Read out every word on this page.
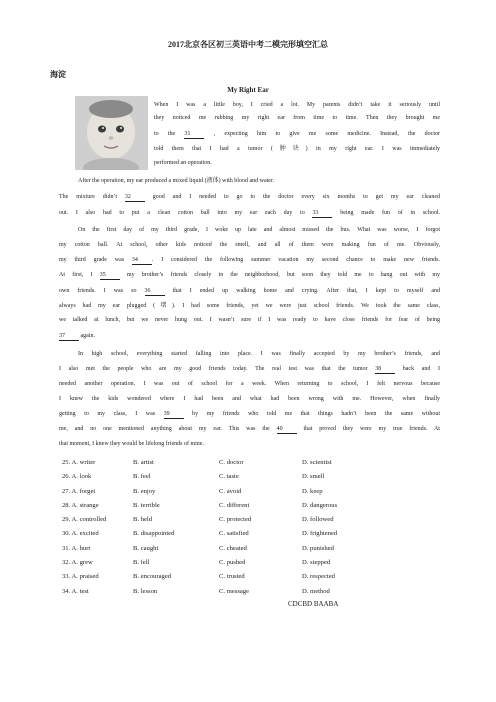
2017北京各区初三英语中考二模完形填空汇总
海淀
My Right Ear
When I was a little boy, I cried a lot. My parents didn’t take it seriously until
they noticed me rubbing my right ear from time to time. Then they brought me
to the 31 , expecting him to give me some medicine. Instead, the doctor
told them that I had a tumor (肿块) in my right ear. I was immediately
performed an operation.
After the operation, my ear produced a mixed liquid (液体) with blood and water.
The mixture didn’t 32 good and I needed to go to the doctor every six months to get my ear cleaned
out. I also had to put a clean cotton ball into my ear each day to 33 being made fun of in school.
On the first day of my third grade, I woke up late and almost missed the bus. What was worse, I forgot
my cotton ball. At school, other kids noticed the smell, and all of them were making fun of me. Obviously,
my third grade was 34 . I considered the following summer vacation my second chance to make new friends.
At first, I 35 my brother’s friends closely in the neighborhood, but soon they told me to hang out with my
own friends. I was so 36 that I ended up walking home and crying. After that, I kept to myself and
always had my ear plugged (堵). I had some friends, yet we were just school friends. We took the same class,
we talked at lunch, but we never hung out. I wasn’t sure if I was ready to have close friends for fear of being
37 again.
In high school, everything started falling into place. I was finally accepted by my brother’s friends, and
I also met the people who are my good friends today. The real test was that the tumor 38 back and I
needed another operation. I was out of school for a week. When returning to school, I felt nervous because
I knew the kids wondered where I had been and what had been wrong with me. However, when finally
getting to my class, I was 39 by my friends who told me that things hadn’t been the same without
me, and no one mentioned anything about my ear. This was the 40 that proved they were my true friends. At
that moment, I knew they would be lifelong friends of mine.
25. A. writer	B. artist	C. doctor	D. scientist
26. A. look	B. feel	C. taste	D. smell
27. A. forget	B. enjoy	C. avoid	D. keep
28. A. strange	B. terrible	C. different	D. dangerous
29. A. controlled	B. held	C. protected	D. followed
30. A. excited	B. disappointed	C. satisfied	D. frightened
31. A. hurt	B. caught	C. cheated	D. punished
32. A. grew	B. fell	C. pushed	D. stepped
33. A. praised	B. encouraged	C. trusted	D. respected
34. A. test	B. lesson	C. message	D. method
CDCBD BAABA
